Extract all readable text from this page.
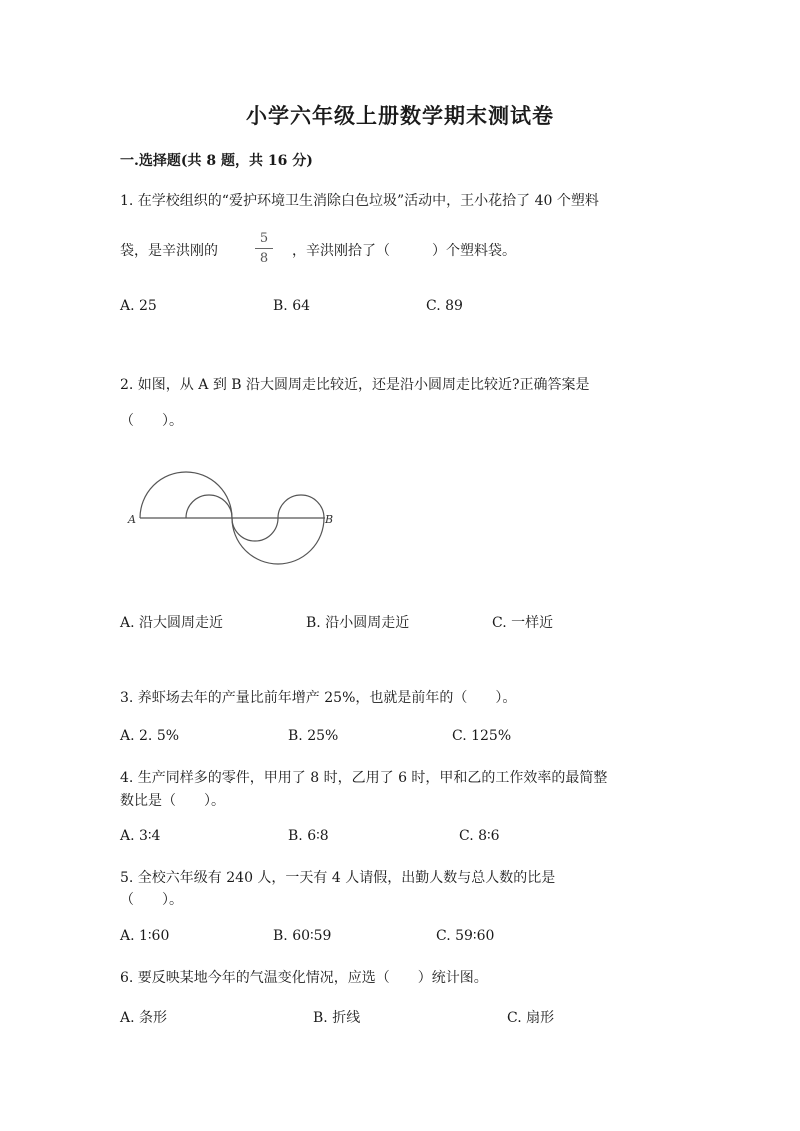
小学六年级上册数学期末测试卷
一.选择题(共 8 题，共 16 分)
1. 在学校组织的“爱护环境卫生消除白色垃圾”活动中，王小花拾了 40 个塑料
袋，是辛洪刚的
5
8	，辛洪刚拾了（　　　）个塑料袋。
A. 25	B. 64	C. 89
2. 如图，从 A 到 B 沿大圆周走比较近，还是沿小圆周走比较近?正确答案是
（　　）。
A	B
A. 沿大圆周走近	B. 沿小圆周走近	C. 一样近
3. 养虾场去年的产量比前年增产 25%，也就是前年的（　　）。
A. 2. 5%	B. 25%	C. 125%
4. 生产同样多的零件，甲用了 8 时，乙用了 6 时，甲和乙的工作效率的最简整
数比是（　　）。
A. 3∶4	B. 6∶8	C. 8∶6
5. 全校六年级有 240 人，一天有 4 人请假，出勤人数与总人数的比是
（　　）。
A. 1∶60	B. 60∶59	C. 59∶60
6. 要反映某地今年的气温变化情况，应选（　　）统计图。
A. 条形	B. 折线	C. 扇形
